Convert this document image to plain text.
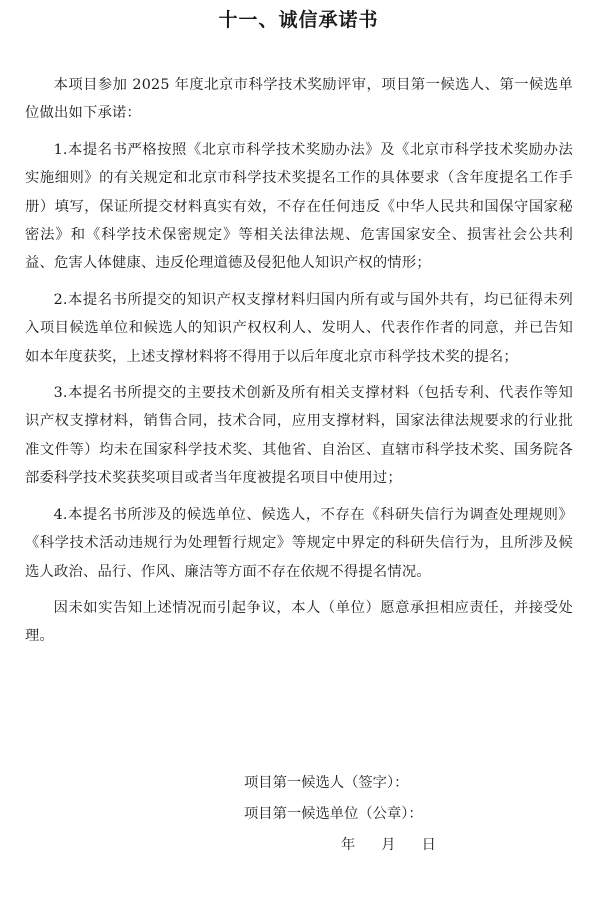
十一、诚信承诺书

本项目参加 2025 年度北京市科学技术奖励评审，项目第一候选人、第一候选单位做出如下承诺：

1.本提名书严格按照《北京市科学技术奖励办法》及《北京市科学技术奖励办法实施细则》的有关规定和北京市科学技术奖提名工作的具体要求（含年度提名工作手册）填写，保证所提交材料真实有效，不存在任何违反《中华人民共和国保守国家秘密法》和《科学技术保密规定》等相关法律法规、危害国家安全、损害社会公共利益、危害人体健康、违反伦理道德及侵犯他人知识产权的情形；

2.本提名书所提交的知识产权支撑材料归国内所有或与国外共有，均已征得未列入项目候选单位和候选人的知识产权权利人、发明人、代表作作者的同意，并已告知如本年度获奖，上述支撑材料将不得用于以后年度北京市科学技术奖的提名；

3.本提名书所提交的主要技术创新及所有相关支撑材料（包括专利、代表作等知识产权支撑材料，销售合同，技术合同，应用支撑材料，国家法律法规要求的行业批准文件等）均未在国家科学技术奖、其他省、自治区、直辖市科学技术奖、国务院各部委科学技术奖获奖项目或者当年度被提名项目中使用过；

4.本提名书所涉及的候选单位、候选人，不存在《科研失信行为调查处理规则》《科学技术活动违规行为处理暂行规定》等规定中界定的科研失信行为，且所涉及候选人政治、品行、作风、廉洁等方面不存在依规不得提名情况。

因未如实告知上述情况而引起争议，本人（单位）愿意承担相应责任，并接受处理。

项目第一候选人（签字）：

项目第一候选单位（公章）：

年 月 日
